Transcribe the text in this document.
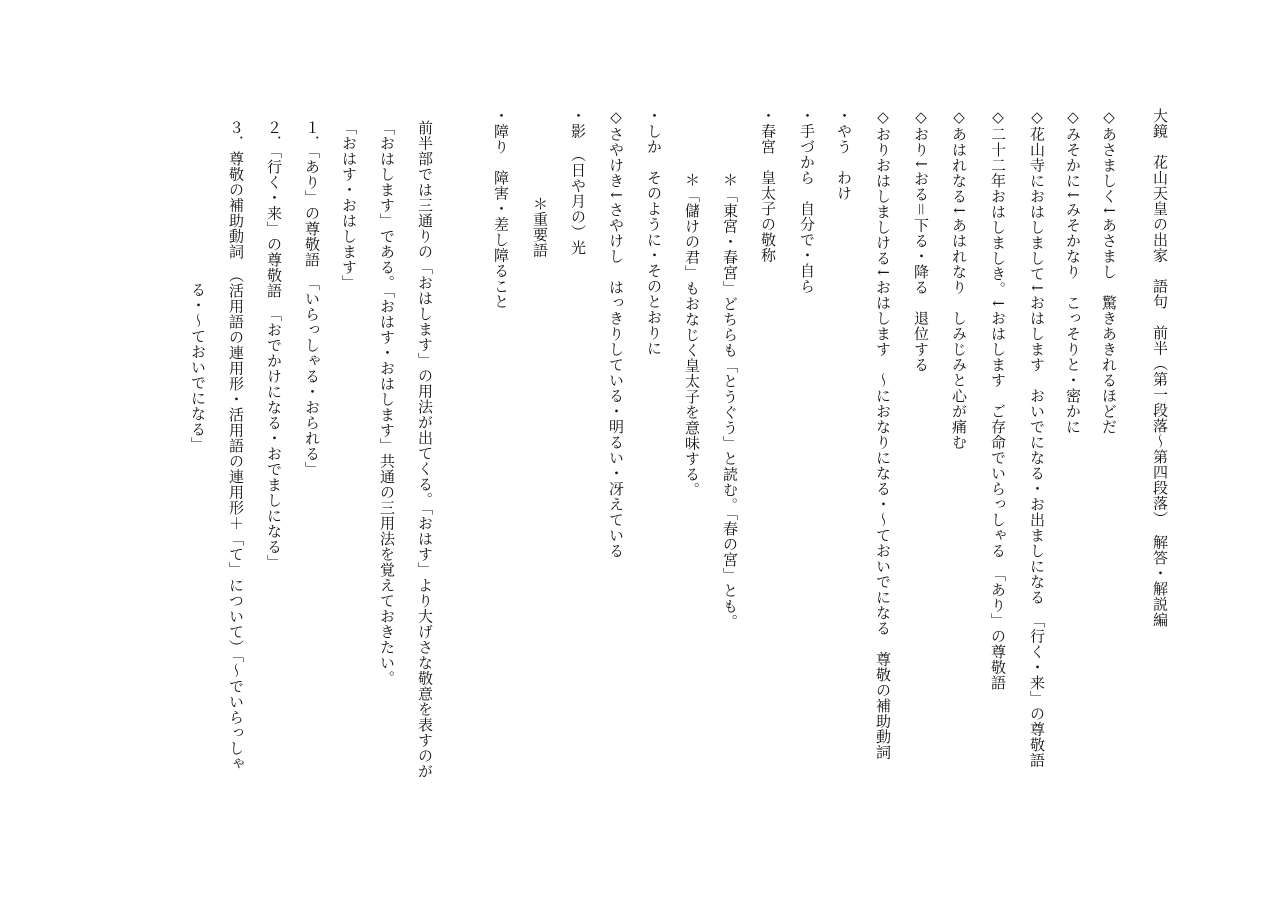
大鏡　花山天皇の出家　語句　前半（第一段落〜第四段落）　解答・解説編

◇あさましく↓あさまし　驚きあきれるほどだ

◇みそかに↓みそかなり　こっそりと・密かに

◇花山寺におはしまして↓おはします　おいでになる・お出ましになる　「行く・来」の尊敬語

◇二十二年おはしましき。↓おはします　ご存命でいらっしゃる　「あり」の尊敬語

◇あはれなる↓あはれなり　しみじみと心が痛む

◇おり↓おる＝下る・降る　退位する

◇おりおはしましける↓おはします　〜におなりになる・〜ておいでになる　尊敬の補助動詞

・やう　わけ

・手づから　自分で・自ら

・春宮　皇太子の敬称

＊「東宮・春宮」どちらも「とうぐう」と読む。「春の宮」とも。

＊「儲けの君」もおなじく皇太子を意味する。

・しか　そのように・そのとおりに

◇さやけき↓さやけし　はっきりしている・明るい・冴えている

・影　（日や月の）光

＊重要語

・障り　障害・差し障ること

前半部では三通りの「おはします」の用法が出てくる。「おはす」より大げさな敬意を表すのが

「おはします」である。「おはす・おはします」共通の三用法を覚えておきたい。

「おはす・おはします」

１．「あり」の尊敬語　「いらっしゃる・おられる」

２．「行く・来」の尊敬語　「おでかけになる・おでましになる」

３．尊敬の補助動詞　（活用語の連用形・活用語の連用形＋「て」について）「〜でいらっしゃ

る・〜ておいでになる」
